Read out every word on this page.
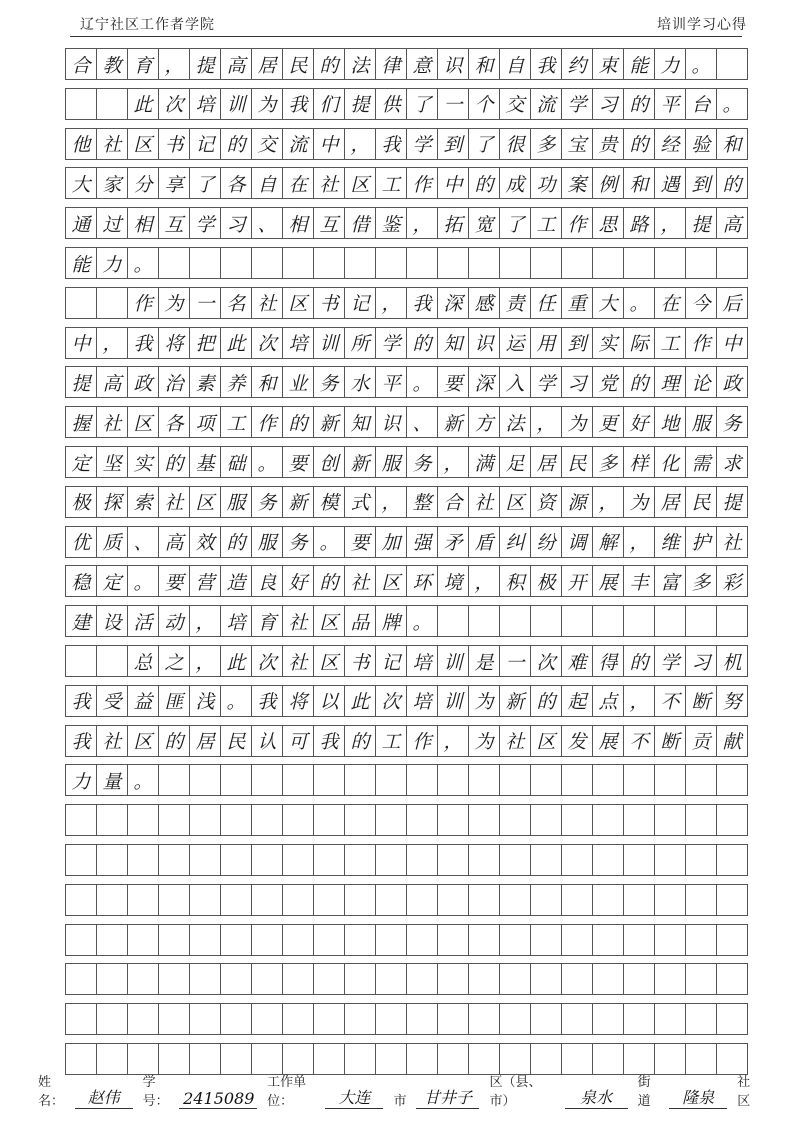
辽宁社区工作者学院	培训学习心得
合 教 育 ， 提 高 居 民 的 法 律 意 识 和 自 我 约 束 能 力 。
此 次 培 训 为 我 们 提 供 了 一 个 交 流 学 习 的 平 台 。
他 社 区 书 记 的 交 流 中 ， 我 学 到 了 很 多 宝 贵 的 经 验 和
大 家 分 享 了 各 自 在 社 区 工 作 中 的 成 功 案 例 和 遇 到 的
通 过 相 互 学 习 、 相 互 借 鉴 ， 拓 宽 了 工 作 思 路 ， 提 高
能 力 。
作 为 一 名 社 区 书 记 ， 我 深 感 责 任 重 大 。 在 今 后
中 ， 我 将 把 此 次 培 训 所 学 的 知 识 运 用 到 实 际 工 作 中
提 高 政 治 素 养 和 业 务 水 平 。 要 深 入 学 习 党 的 理 论 政
握 社 区 各 项 工 作 的 新 知 识 、 新 方 法 ， 为 更 好 地 服 务
定 坚 实 的 基 础 。 要 创 新 服 务 ， 满 足 居 民 多 样 化 需 求
极 探 索 社 区 服 务 新 模 式 ， 整 合 社 区 资 源 ， 为 居 民 提
优 质 、 高 效 的 服 务 。 要 加 强 矛 盾 纠 纷 调 解 ， 维 护 社
稳 定 。 要 营 造 良 好 的 社 区 环 境 ， 积 极 开 展 丰 富 多 彩
建 设 活 动 ， 培 育 社 区 品 牌 。
总 之 ， 此 次 社 区 书 记 培 训 是 一 次 难 得 的 学 习 机
我 受 益 匪 浅 。 我 将 以 此 次 培 训 为 新 的 起 点 ， 不 断 努
我 社 区 的 居 民 认 可 我 的 工 作 ， 为 社 区 发 展 不 断 贡 献
力 量 。
姓名：	赵伟
学号： 2415089
工作单位：	大连	市	甘井子
区（县、市）	泉水
街道	隆泉
社区
